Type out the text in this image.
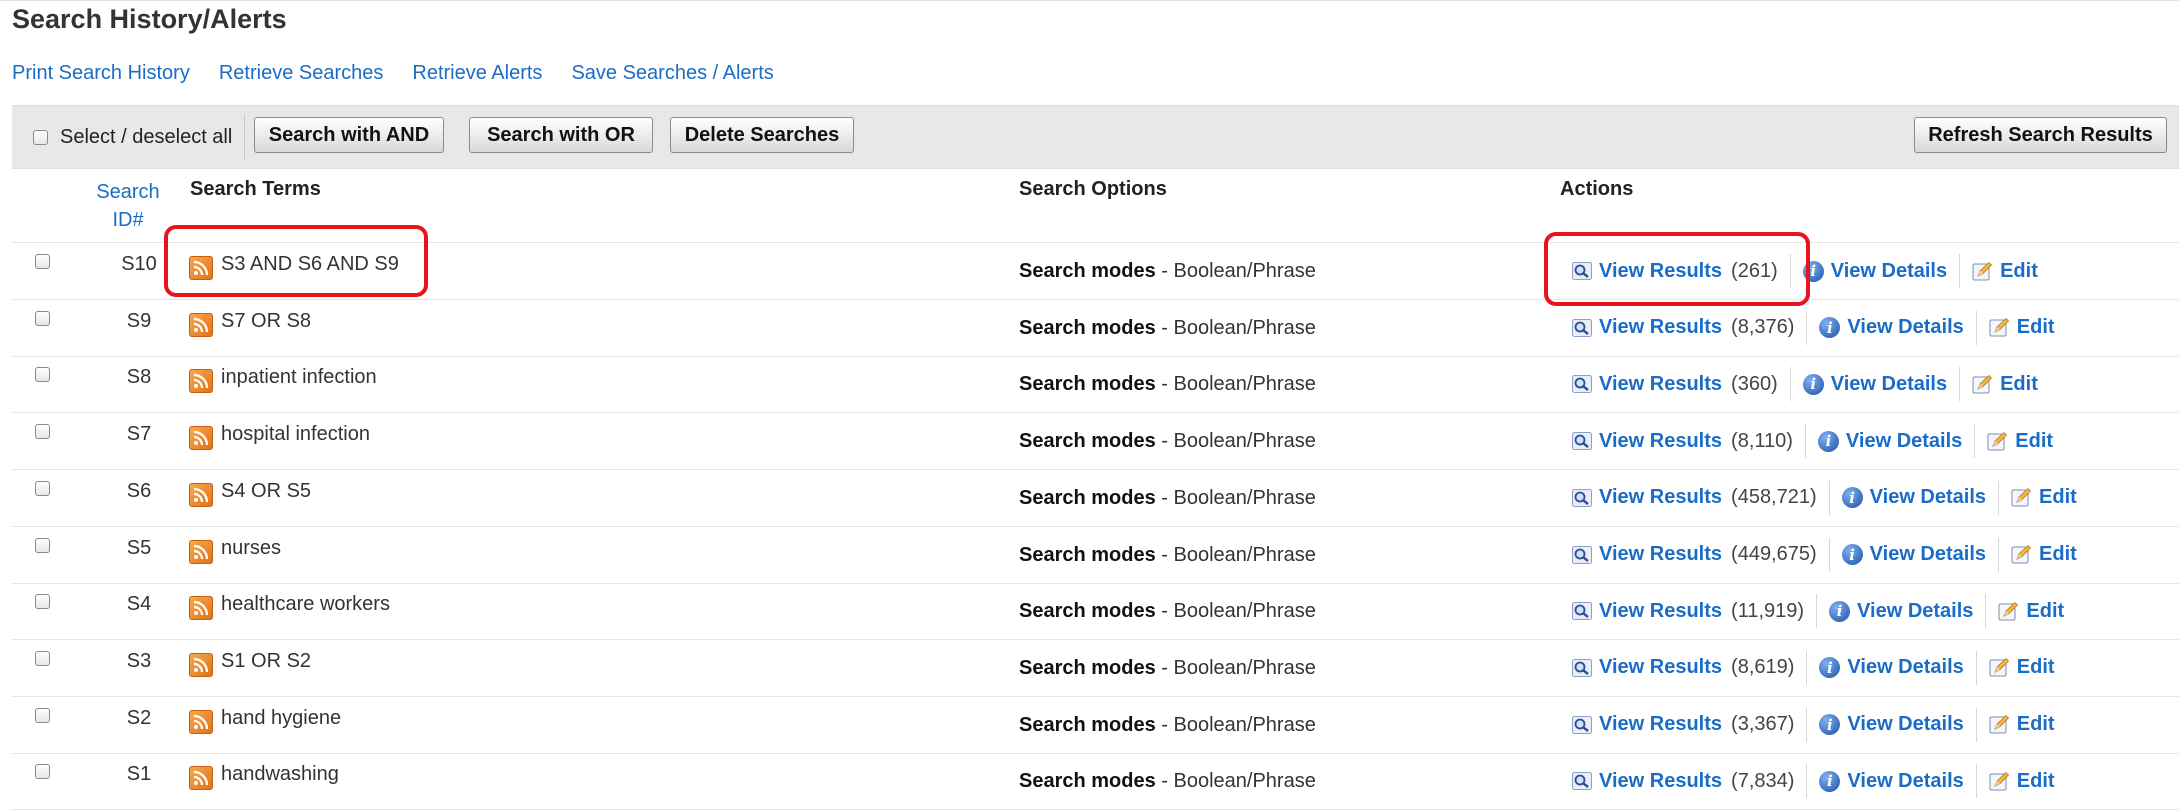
Search History/Alerts
Print Search History Retrieve Searches Retrieve Alerts Save Searches / Alerts
Select / deselect all	Search with AND	Search with OR	Delete Searches	Refresh Search Results
Search ID#
Search Terms	Search Options	Actions
S10	S3 AND S6 AND S9	Search modes - Boolean/Phrase	View Results (261)	i View Details	Edit
S9	S7 OR S8	Search modes - Boolean/Phrase	View Results (8,376)	i View Details	Edit
S8	inpatient infection	Search modes - Boolean/Phrase	View Results (360)	i View Details	Edit
S7	hospital infection	Search modes - Boolean/Phrase	View Results (8,110)	i View Details	Edit
S6	S4 OR S5	Search modes - Boolean/Phrase	View Results (458,721)	i View Details	Edit
S5	nurses	Search modes - Boolean/Phrase	View Results (449,675)	i View Details	Edit
S4	healthcare workers	Search modes - Boolean/Phrase	View Results (11,919)	i View Details	Edit
S3	S1 OR S2	Search modes - Boolean/Phrase	View Results (8,619)	i View Details	Edit
S2	hand hygiene	Search modes - Boolean/Phrase	View Results (3,367)	i View Details	Edit
S1	handwashing	Search modes - Boolean/Phrase	View Results (7,834)	i View Details	Edit
